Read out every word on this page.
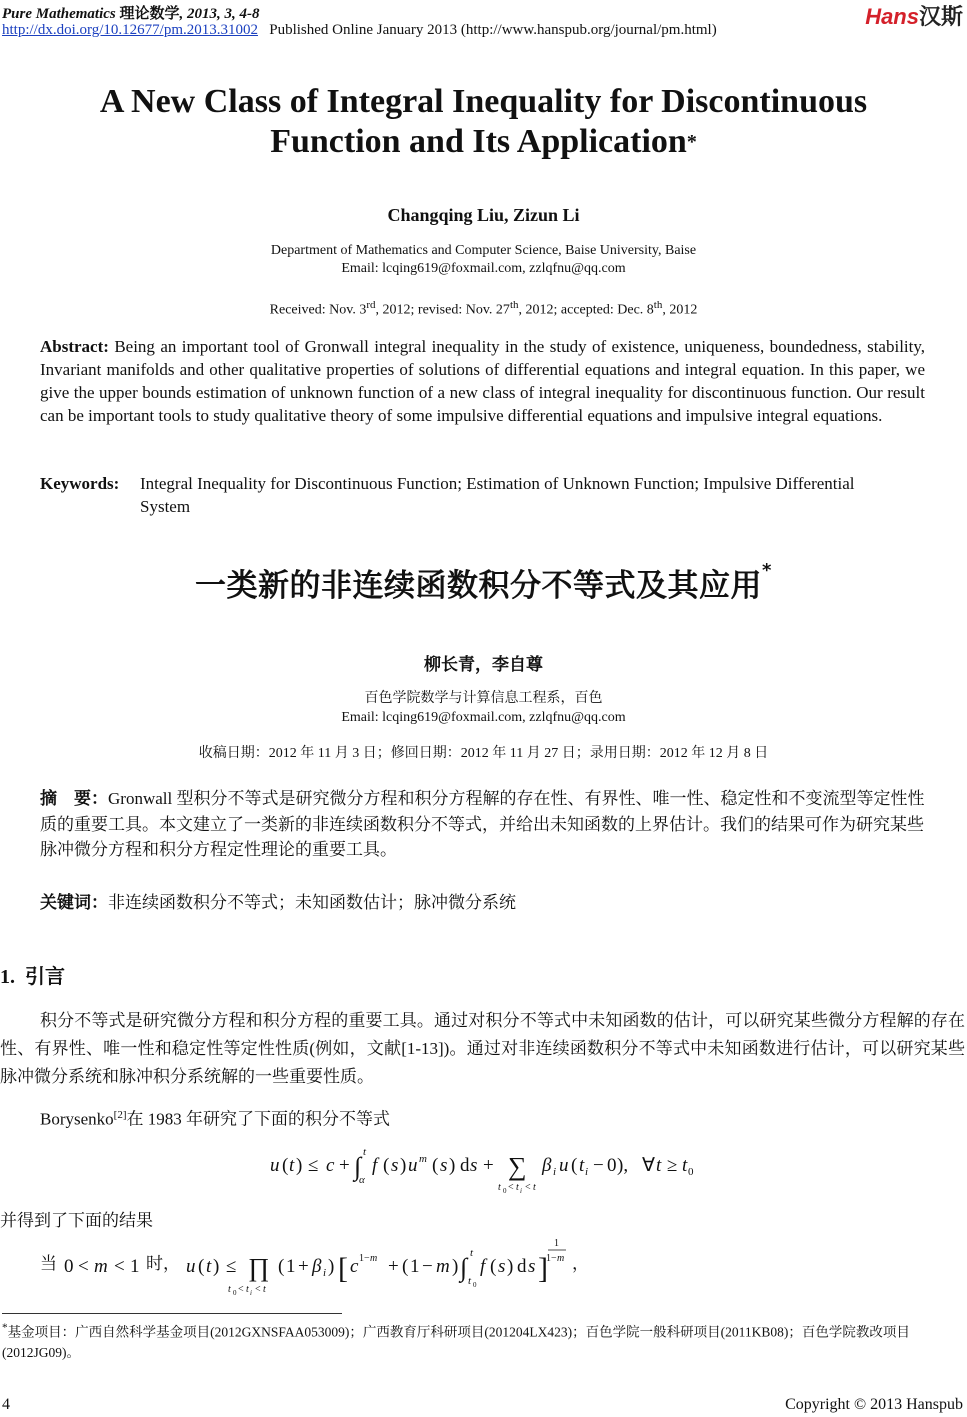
Pure Mathematics 理论数学, 2013, 3, 4-8
http://dx.doi.org/10.12677/pm.2013.31002 Published Online January 2013 (http://www.hanspub.org/journal/pm.html)
Hans汉斯
A New Class of Integral Inequality for Discontinuous
Function and Its Application*
Changqing Liu, Zizun Li
Department of Mathematics and Computer Science, Baise University, Baise
Email: lcqing619@foxmail.com, zzlqfnu@qq.com
Received: Nov. 3rd, 2012; revised: Nov. 27th, 2012; accepted: Dec. 8th, 2012
Abstract: Being an important tool of Gronwall integral inequality in the study of existence, uniqueness, boundedness, stability, Invariant manifolds and other qualitative properties of solutions of differential equations and integral equation. In this paper, we give the upper bounds estimation of unknown function of a new class of integral inequality for discontinuous function. Our result can be important tools to study qualitative theory of some impulsive differential equations and impulsive integral equations.
Keywords: Integral Inequality for Discontinuous Function; Estimation of Unknown Function; Impulsive Differential System
一类新的非连续函数积分不等式及其应用*
柳长青，李自尊
百色学院数学与计算信息工程系，百色
Email: lcqing619@foxmail.com, zzlqfnu@qq.com
收稿日期：2012 年 11 月 3 日；修回日期：2012 年 11 月 27 日；录用日期：2012 年 12 月 8 日
摘　要：Gronwall 型积分不等式是研究微分方程和积分方程解的存在性、有界性、唯一性、稳定性和不变流型等定性性质的重要工具。本文建立了一类新的非连续函数积分不等式，并给出未知函数的上界估计。我们的结果可作为研究某些脉冲微分方程和积分方程定性理论的重要工具。
关键词：非连续函数积分不等式；未知函数估计；脉冲微分系统
1. 引言
积分不等式是研究微分方程和积分方程的重要工具。通过对积分不等式中未知函数的估计，可以研究某些微分方程解的存在性、有界性、唯一性和稳定性等定性性质(例如，文献[1-13])。通过对非连续函数积分不等式中未知函数进行估计，可以研究某些脉冲微分系统和脉冲积分系统解的一些重要性质。
Borysenko[2]在 1983 年研究了下面的积分不等式
u ( t ) ≤ c + ∫ t
α
f ( s ) u m ( s ) d s + ∑
t 0 < t i < t
β i u ( t i − 0 ), ∀ t ≥ t 0
并得到了下面的结果
当 0 < m < 1 u ( t ) ≤ ∏
t 0 < t i < t
( 1 + β i ) [ c 1− m + ( 1 − m ) ∫ t
t 0
f ( s ) d s ]
1
1− m
时，	，
*基金项目：广西自然科学基金项目(2012GXNSFAA053009)；广西教育厅科研项目(201204LX423)；百色学院一般科研项目(2011KB08)；百色学院教改项目(2012JG09)。
4	Copyright © 2013 Hanspub
